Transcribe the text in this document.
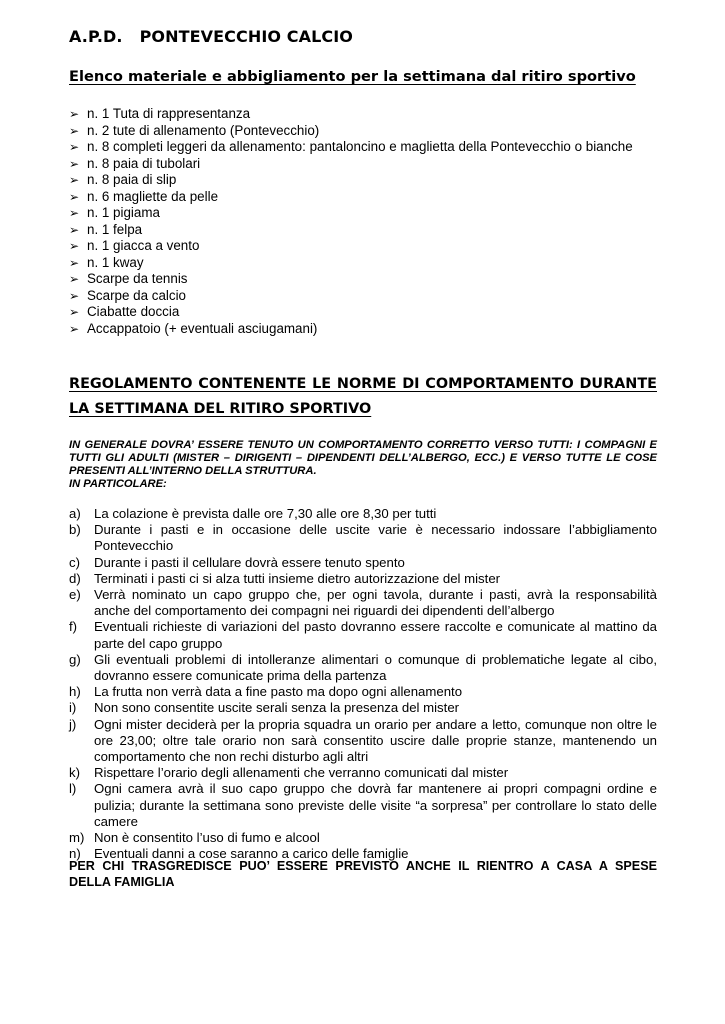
A.P.D.   PONTEVECCHIO CALCIO
Elenco materiale e abbigliamento per la settimana dal ritiro sportivo
➢ n. 1 Tuta di rappresentanza
➢ n. 2 tute di allenamento (Pontevecchio)
➢ n. 8 completi leggeri da allenamento: pantaloncino e maglietta della Pontevecchio o bianche
➢ n. 8 paia di tubolari
➢ n. 8 paia di slip
➢ n. 6 magliette da pelle
➢ n. 1 pigiama
➢ n. 1 felpa
➢ n. 1 giacca a vento
➢ n. 1 kway
➢ Scarpe da tennis
➢ Scarpe da calcio
➢ Ciabatte doccia
➢ Accappatoio (+ eventuali asciugamani)
REGOLAMENTO CONTENENTE LE NORME DI COMPORTAMENTO DURANTE LA SETTIMANA DEL RITIRO SPORTIVO
IN GENERALE DOVRA’ ESSERE TENUTO UN COMPORTAMENTO CORRETTO VERSO TUTTI: I COMPAGNI E TUTTI GLI ADULTI (MISTER – DIRIGENTI – DIPENDENTI DELL’ALBERGO, ECC.) E VERSO TUTTE LE COSE PRESENTI ALL’INTERNO DELLA STRUTTURA.
IN PARTICOLARE:
a) La colazione è prevista dalle ore 7,30 alle ore 8,30 per tutti
b) Durante i pasti e in occasione delle uscite varie è necessario indossare l’abbigliamento Pontevecchio
c) Durante i pasti il cellulare dovrà essere tenuto spento
d) Terminati i pasti ci si alza tutti insieme dietro autorizzazione del mister
e) Verrà nominato un capo gruppo che, per ogni tavola, durante i pasti, avrà la responsabilità anche del comportamento dei compagni nei riguardi dei dipendenti dell’albergo
f) Eventuali richieste di variazioni del pasto dovranno essere raccolte e comunicate al mattino da parte del capo gruppo
g) Gli eventuali problemi di intolleranze alimentari o comunque di problematiche legate al cibo, dovranno essere comunicate prima della partenza
h) La frutta non verrà data a fine pasto ma dopo ogni allenamento
i) Non sono consentite uscite serali senza la presenza del mister
j) Ogni mister deciderà per la propria squadra un orario per andare a letto, comunque non oltre le ore 23,00; oltre tale orario non sarà consentito uscire dalle proprie stanze, mantenendo un comportamento che non rechi disturbo agli altri
k) Rispettare l’orario degli allenamenti che verranno comunicati dal mister
l) Ogni camera avrà il suo capo gruppo che dovrà far mantenere ai propri compagni ordine e pulizia; durante la settimana sono previste delle visite “a sorpresa” per controllare lo stato delle camere
m) Non è consentito l’uso di fumo e alcool
n) Eventuali danni a cose saranno a carico delle famiglie
PER CHI TRASGREDISCE PUO’ ESSERE PREVISTO ANCHE IL RIENTRO A CASA A SPESE DELLA FAMIGLIA
